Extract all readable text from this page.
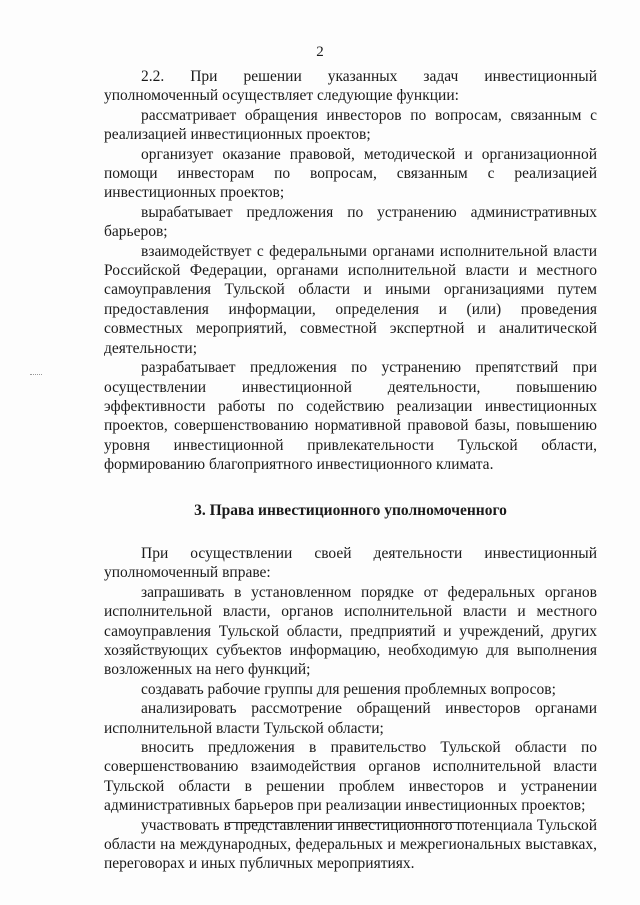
2

2.2. При решении указанных задач инвестиционный уполномоченный осуществляет следующие функции:

рассматривает обращения инвесторов по вопросам, связанным с реализацией инвестиционных проектов;

организует оказание правовой, методической и организационной помощи инвесторам по вопросам, связанным с реализацией инвестиционных проектов;

вырабатывает предложения по устранению административных барьеров;

взаимодействует с федеральными органами исполнительной власти Российской Федерации, органами исполнительной власти и местного самоуправления Тульской области и иными организациями путем предоставления информации, определения и (или) проведения совместных мероприятий, совместной экспертной и аналитической деятельности;

разрабатывает предложения по устранению препятствий при осуществлении инвестиционной деятельности, повышению эффективности работы по содействию реализации инвестиционных проектов, совершенствованию нормативной правовой базы, повышению уровня инвестиционной привлекательности Тульской области, формированию благоприятного инвестиционного климата.

3. Права инвестиционного уполномоченного

При осуществлении своей деятельности инвестиционный уполномоченный вправе:

запрашивать в установленном порядке от федеральных органов исполнительной власти, органов исполнительной власти и местного самоуправления Тульской области, предприятий и учреждений, других хозяйствующих субъектов информацию, необходимую для выполнения возложенных на него функций;

создавать рабочие группы для решения проблемных вопросов;

анализировать рассмотрение обращений инвесторов органами исполнительной власти Тульской области;

вносить предложения в правительство Тульской области по совершенствованию взаимодействия органов исполнительной власти Тульской области в решении проблем инвесторов и устранении административных барьеров при реализации инвестиционных проектов;

участвовать в представлении инвестиционного потенциала Тульской области на международных, федеральных и межрегиональных выставках, переговорах и иных публичных мероприятиях.
